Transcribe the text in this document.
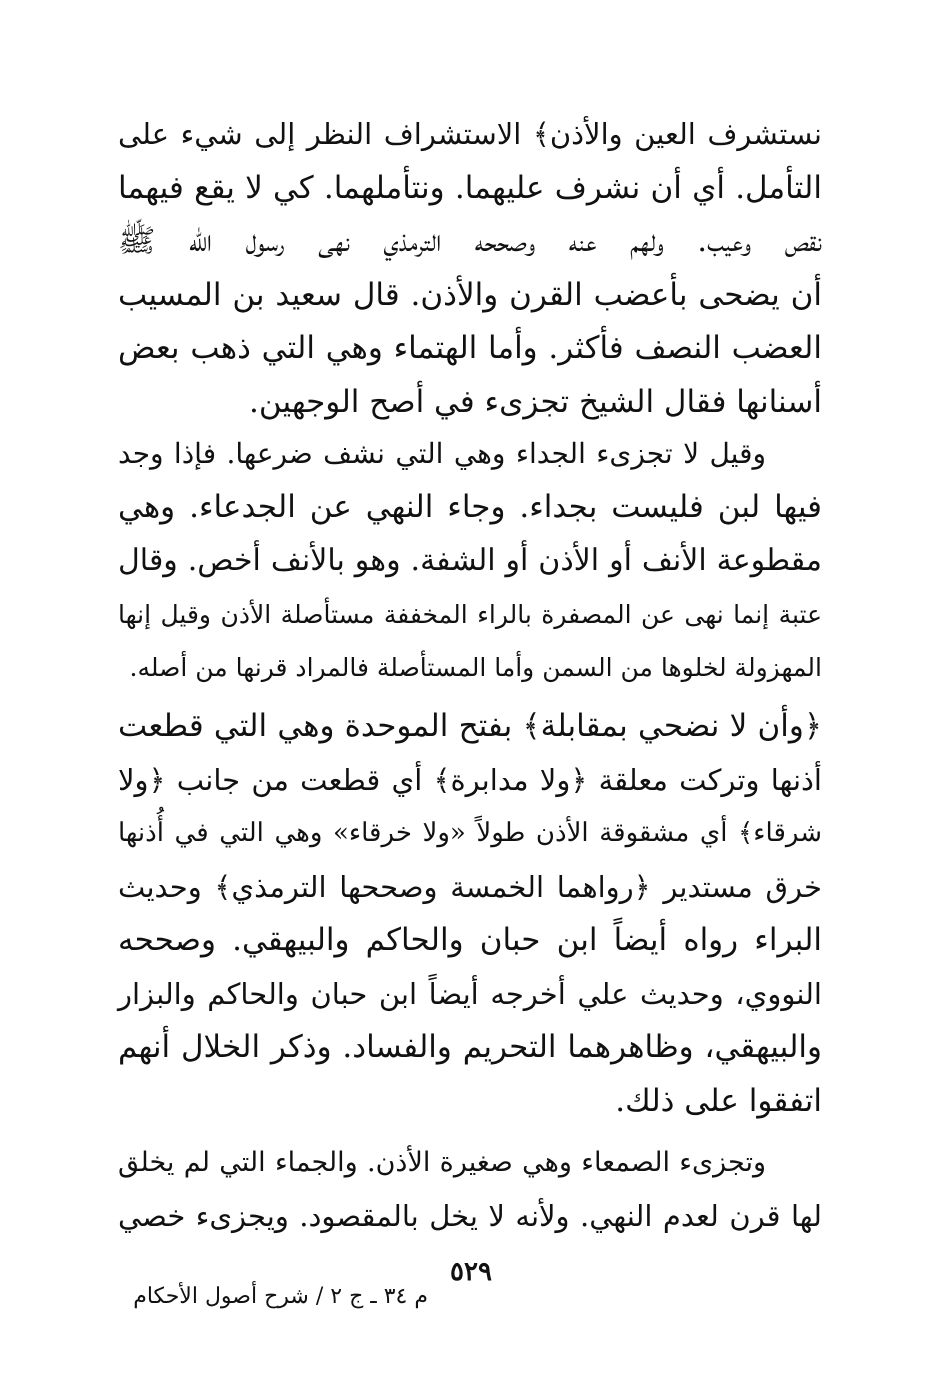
نستشرف العين والأذن﴾ الاستشراف النظر إلى شيء على
التأمل. أي أن نشرف عليهما. ونتأملهما. كي لا يقع فيهما
نقص وعيب. ولهم عنه وصححه الترمذي نهى رسول الله ﷺ
أن يضحى بأعضب القرن والأذن. قال سعيد بن المسيب
العضب النصف فأكثر. وأما الهتماء وهي التي ذهب بعض
أسنانها فقال الشيخ تجزىء في أصح الوجهين.
وقيل لا تجزىء الجداء وهي التي نشف ضرعها. فإذا وجد
فيها لبن فليست بجداء. وجاء النهي عن الجدعاء. وهي
مقطوعة الأنف أو الأذن أو الشفة. وهو بالأنف أخص. وقال
عتبة إنما نهى عن المصفرة بالراء المخففة مستأصلة الأذن وقيل إنها
المهزولة لخلوها من السمن وأما المستأصلة فالمراد قرنها من أصله.
﴿وأن لا نضحي بمقابلة﴾ بفتح الموحدة وهي التي قطعت
أذنها وتركت معلقة ﴿ولا مدابرة﴾ أي قطعت من جانب ﴿ولا
شرقاء﴾ أي مشقوقة الأذن طولاً «ولا خرقاء» وهي التي في أُذنها
خرق مستدير ﴿رواهما الخمسة وصححها الترمذي﴾ وحديث
البراء رواه أيضاً ابن حبان والحاكم والبيهقي. وصححه
النووي، وحديث علي أخرجه أيضاً ابن حبان والحاكم والبزار
والبيهقي، وظاهرهما التحريم والفساد. وذكر الخلال أنهم
اتفقوا على ذلك.
وتجزىء الصمعاء وهي صغيرة الأذن. والجماء التي لم يخلق
لها قرن لعدم النهي. ولأنه لا يخل بالمقصود. ويجزىء خصي
٥٢٩
م ٣٤ ـ ج ٢ / شرح أصول الأحكام
